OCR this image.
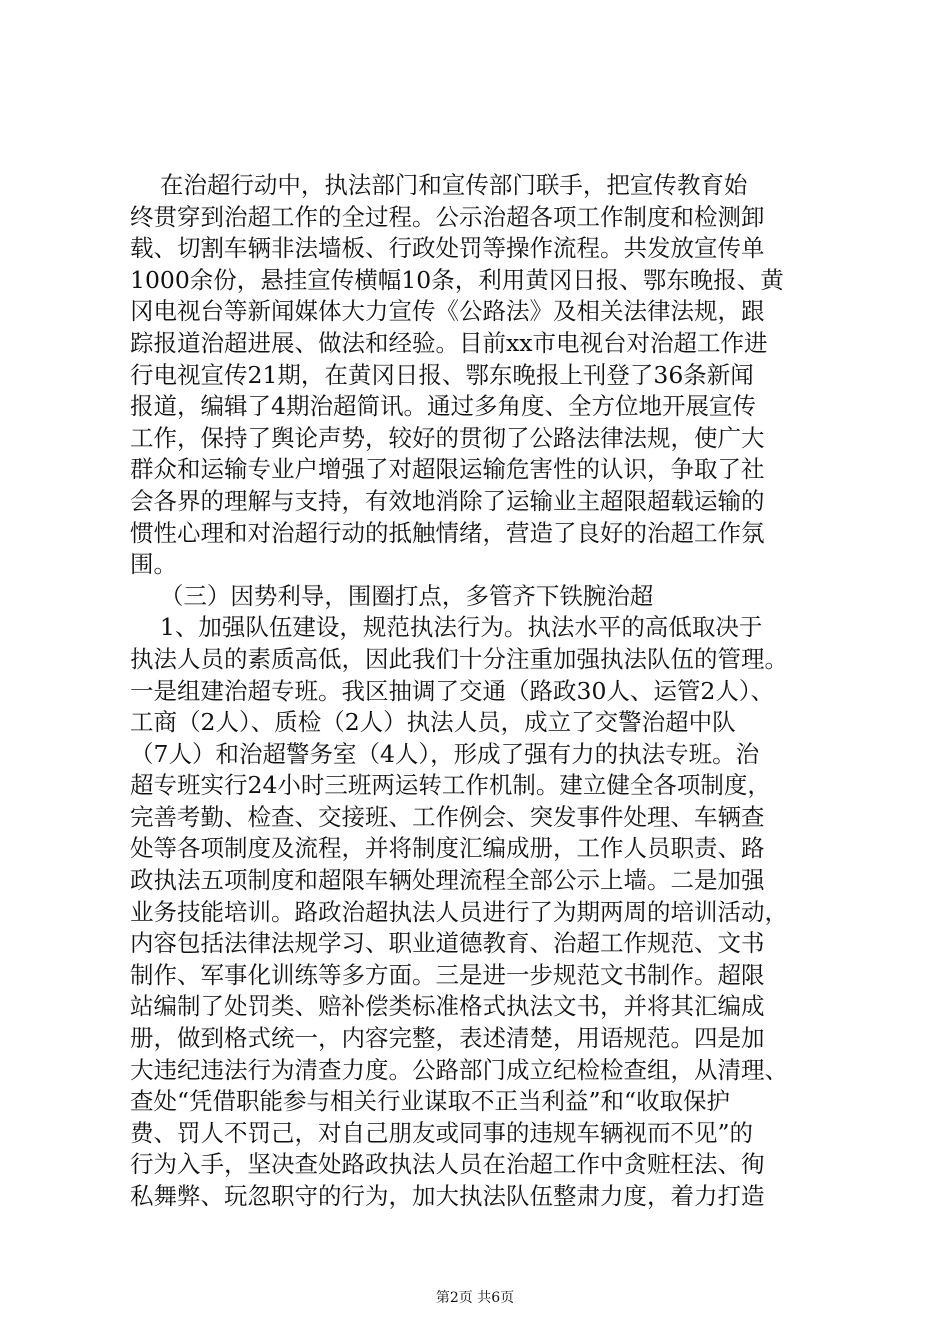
在治超行动中，执法部门和宣传部门联手，把宣传教育始
终贯穿到治超工作的全过程。公示治超各项工作制度和检测卸
载、切割车辆非法墙板、行政处罚等操作流程。共发放宣传单
1000余份，悬挂宣传横幅10条，利用黄冈日报、鄂东晚报、黄
冈电视台等新闻媒体大力宣传《公路法》及相关法律法规，跟
踪报道治超进展、做法和经验。目前xx市电视台对治超工作进
行电视宣传21期，在黄冈日报、鄂东晚报上刊登了36条新闻
报道，编辑了4期治超简讯。通过多角度、全方位地开展宣传
工作，保持了舆论声势，较好的贯彻了公路法律法规，使广大
群众和运输专业户增强了对超限运输危害性的认识，争取了社
会各界的理解与支持，有效地消除了运输业主超限超载运输的
惯性心理和对治超行动的抵触情绪，营造了良好的治超工作氛
围。
（三）因势利导，围圈打点，多管齐下铁腕治超
1、加强队伍建设，规范执法行为。执法水平的高低取决于
执法人员的素质高低，因此我们十分注重加强执法队伍的管理。
一是组建治超专班。我区抽调了交通（路政30人、运管2人）、
工商（2人）、质检（2人）执法人员，成立了交警治超中队
（7人）和治超警务室（4人），形成了强有力的执法专班。治
超专班实行24小时三班两运转工作机制。建立健全各项制度，
完善考勤、检查、交接班、工作例会、突发事件处理、车辆查
处等各项制度及流程，并将制度汇编成册，工作人员职责、路
政执法五项制度和超限车辆处理流程全部公示上墙。二是加强
业务技能培训。路政治超执法人员进行了为期两周的培训活动，
内容包括法律法规学习、职业道德教育、治超工作规范、文书
制作、军事化训练等多方面。三是进一步规范文书制作。超限
站编制了处罚类、赔补偿类标准格式执法文书，并将其汇编成
册，做到格式统一，内容完整，表述清楚，用语规范。四是加
大违纪违法行为清查力度。公路部门成立纪检检查组，从清理、
查处“凭借职能参与相关行业谋取不正当利益”和“收取保护
费、罚人不罚己，对自己朋友或同事的违规车辆视而不见”的
行为入手，坚决查处路政执法人员在治超工作中贪赃枉法、徇
私舞弊、玩忽职守的行为，加大执法队伍整肃力度，着力打造
第2页 共6页
